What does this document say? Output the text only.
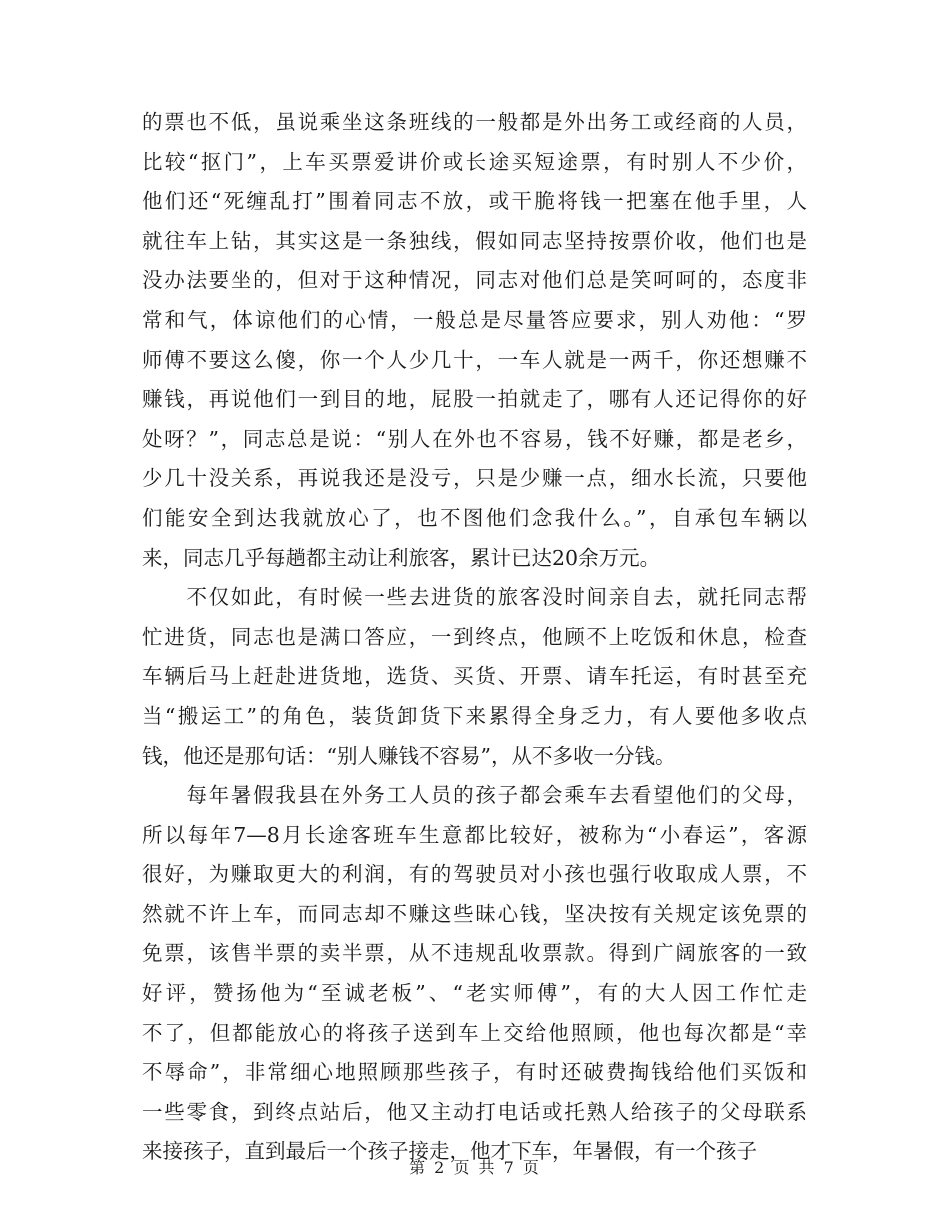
的票也不低，虽说乘坐这条班线的一般都是外出务工或经商的人员，
比较“抠门”，上车买票爱讲价或长途买短途票，有时别人不少价，
他们还“死缠乱打”围着同志不放，或干脆将钱一把塞在他手里，人
就往车上钻，其实这是一条独线，假如同志坚持按票价收，他们也是
没办法要坐的，但对于这种情况，同志对他们总是笑呵呵的，态度非
常和气，体谅他们的心情，一般总是尽量答应要求，别人劝他：“罗
师傅不要这么傻，你一个人少几十，一车人就是一两千，你还想赚不
赚钱，再说他们一到目的地，屁股一拍就走了，哪有人还记得你的好
处呀？”，同志总是说：“别人在外也不容易，钱不好赚，都是老乡，
少几十没关系，再说我还是没亏，只是少赚一点，细水长流，只要他
们能安全到达我就放心了，也不图他们念我什么。”，自承包车辆以
来，同志几乎每趟都主动让利旅客，累计已达20余万元。
　　不仅如此，有时候一些去进货的旅客没时间亲自去，就托同志帮
忙进货，同志也是满口答应，一到终点，他顾不上吃饭和休息，检查
车辆后马上赶赴进货地，选货、买货、开票、请车托运，有时甚至充
当“搬运工”的角色，装货卸货下来累得全身乏力，有人要他多收点
钱，他还是那句话：“别人赚钱不容易”，从不多收一分钱。
　　每年暑假我县在外务工人员的孩子都会乘车去看望他们的父母，
所以每年7—8月长途客班车生意都比较好，被称为“小春运”，客源
很好，为赚取更大的利润，有的驾驶员对小孩也强行收取成人票，不
然就不许上车，而同志却不赚这些昧心钱，坚决按有关规定该免票的
免票，该售半票的卖半票，从不违规乱收票款。得到广阔旅客的一致
好评，赞扬他为“至诚老板”、“老实师傅”，有的大人因工作忙走
不了，但都能放心的将孩子送到车上交给他照顾，他也每次都是“幸
不辱命”，非常细心地照顾那些孩子，有时还破费掏钱给他们买饭和
一些零食，到终点站后，他又主动打电话或托熟人给孩子的父母联系
来接孩子，直到最后一个孩子接走，他才下车，年暑假，有一个孩子
第 2 页 共 7 页
